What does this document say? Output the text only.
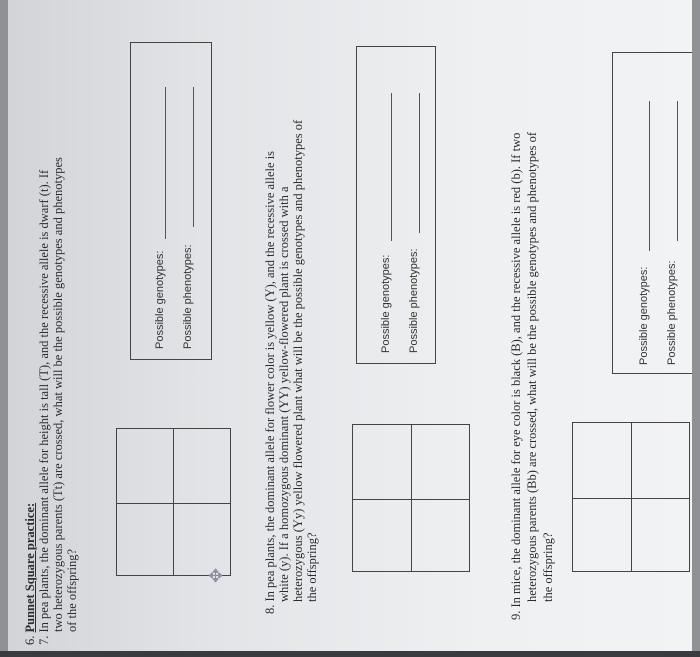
6. Punnet Square practice:
7. In pea plants, the dominant allele for height is tall (T), and the recessive allele is dwarf (t). If two heterozygous parents (Tt) are crossed, what will be the possible genotypes and phenotypes of the offspring?	✥
Possible genotypes: Possible phenotypes:
8. In pea plants, the dominant allele for flower color is yellow (Y), and the recessive allele is white (y). If a homozygous dominant (YY) yellow-flowered plant is crossed with a heterozygous (Yy) yellow flowered plant what will be the possible genotypes and phenotypes of the offspring?
Possible genotypes: Possible phenotypes:
9. In mice, the dominant allele for eye color is black (B), and the recessive allele is red (b). If two heterozygous parents (Bb) are crossed, what will be the possible genotypes and phenotypes of the offspring?
Possible genotypes: Possible phenotypes:
